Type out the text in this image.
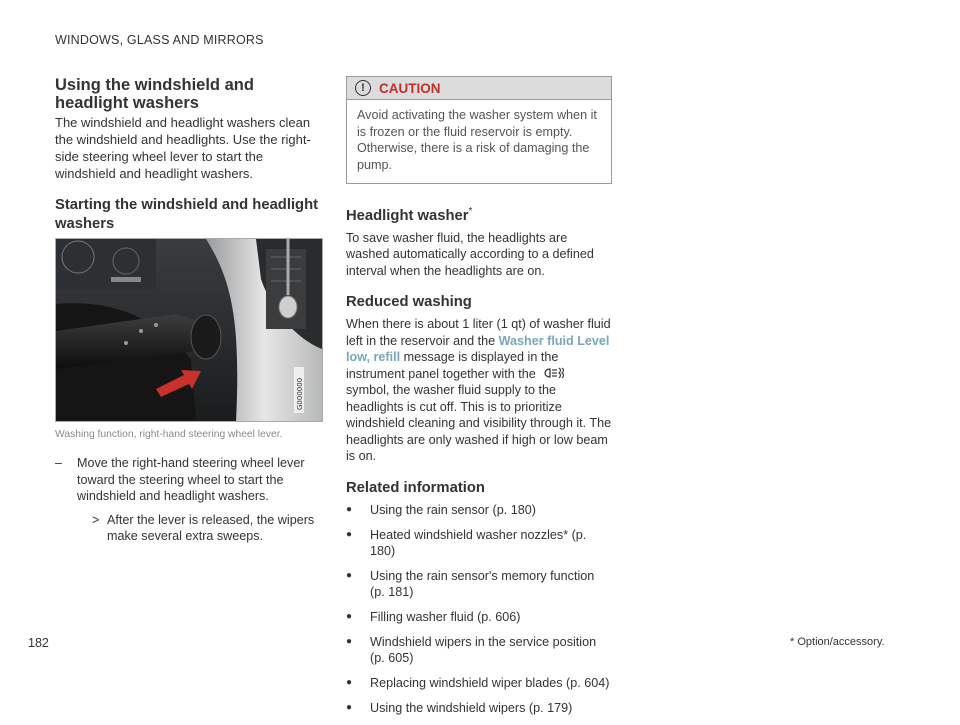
WINDOWS, GLASS AND MIRRORS
Using the windshield and headlight washers

The windshield and headlight washers clean the windshield and headlights. Use the right-side steering wheel lever to start the windshield and headlight washers.

Starting the windshield and headlight washers
G000000
Washing function, right-hand steering wheel lever.
–	Move the right-hand steering wheel lever toward the steering wheel to start the windshield and headlight washers.
> After the lever is released, the wipers make several extra sweeps.
!	CAUTION
Avoid activating the washer system when it is frozen or the fluid reservoir is empty. Otherwise, there is a risk of damaging the pump.
Headlight washer*

To save washer fluid, the headlights are washed automatically according to a defined interval when the headlights are on.

Reduced washing

When there is about 1 liter (1 qt) of washer fluid left in the reservoir and the Washer fluid Level low, refill message is displayed in the instrument panel together with the  symbol, the washer fluid supply to the headlights is cut off. This is to prioritize windshield cleaning and visibility through it. The headlights are only washed if high or low beam is on.

Related information
●	Using the rain sensor (p. 180)
●	Heated windshield washer nozzles* (p. 180)
●	Using the rain sensor's memory function (p. 181)
●	Filling washer fluid (p. 606)
●	Windshield wipers in the service position (p. 605)
●	Replacing windshield wiper blades (p. 604)
●	Using the windshield wipers (p. 179)
182	* Option/accessory.
